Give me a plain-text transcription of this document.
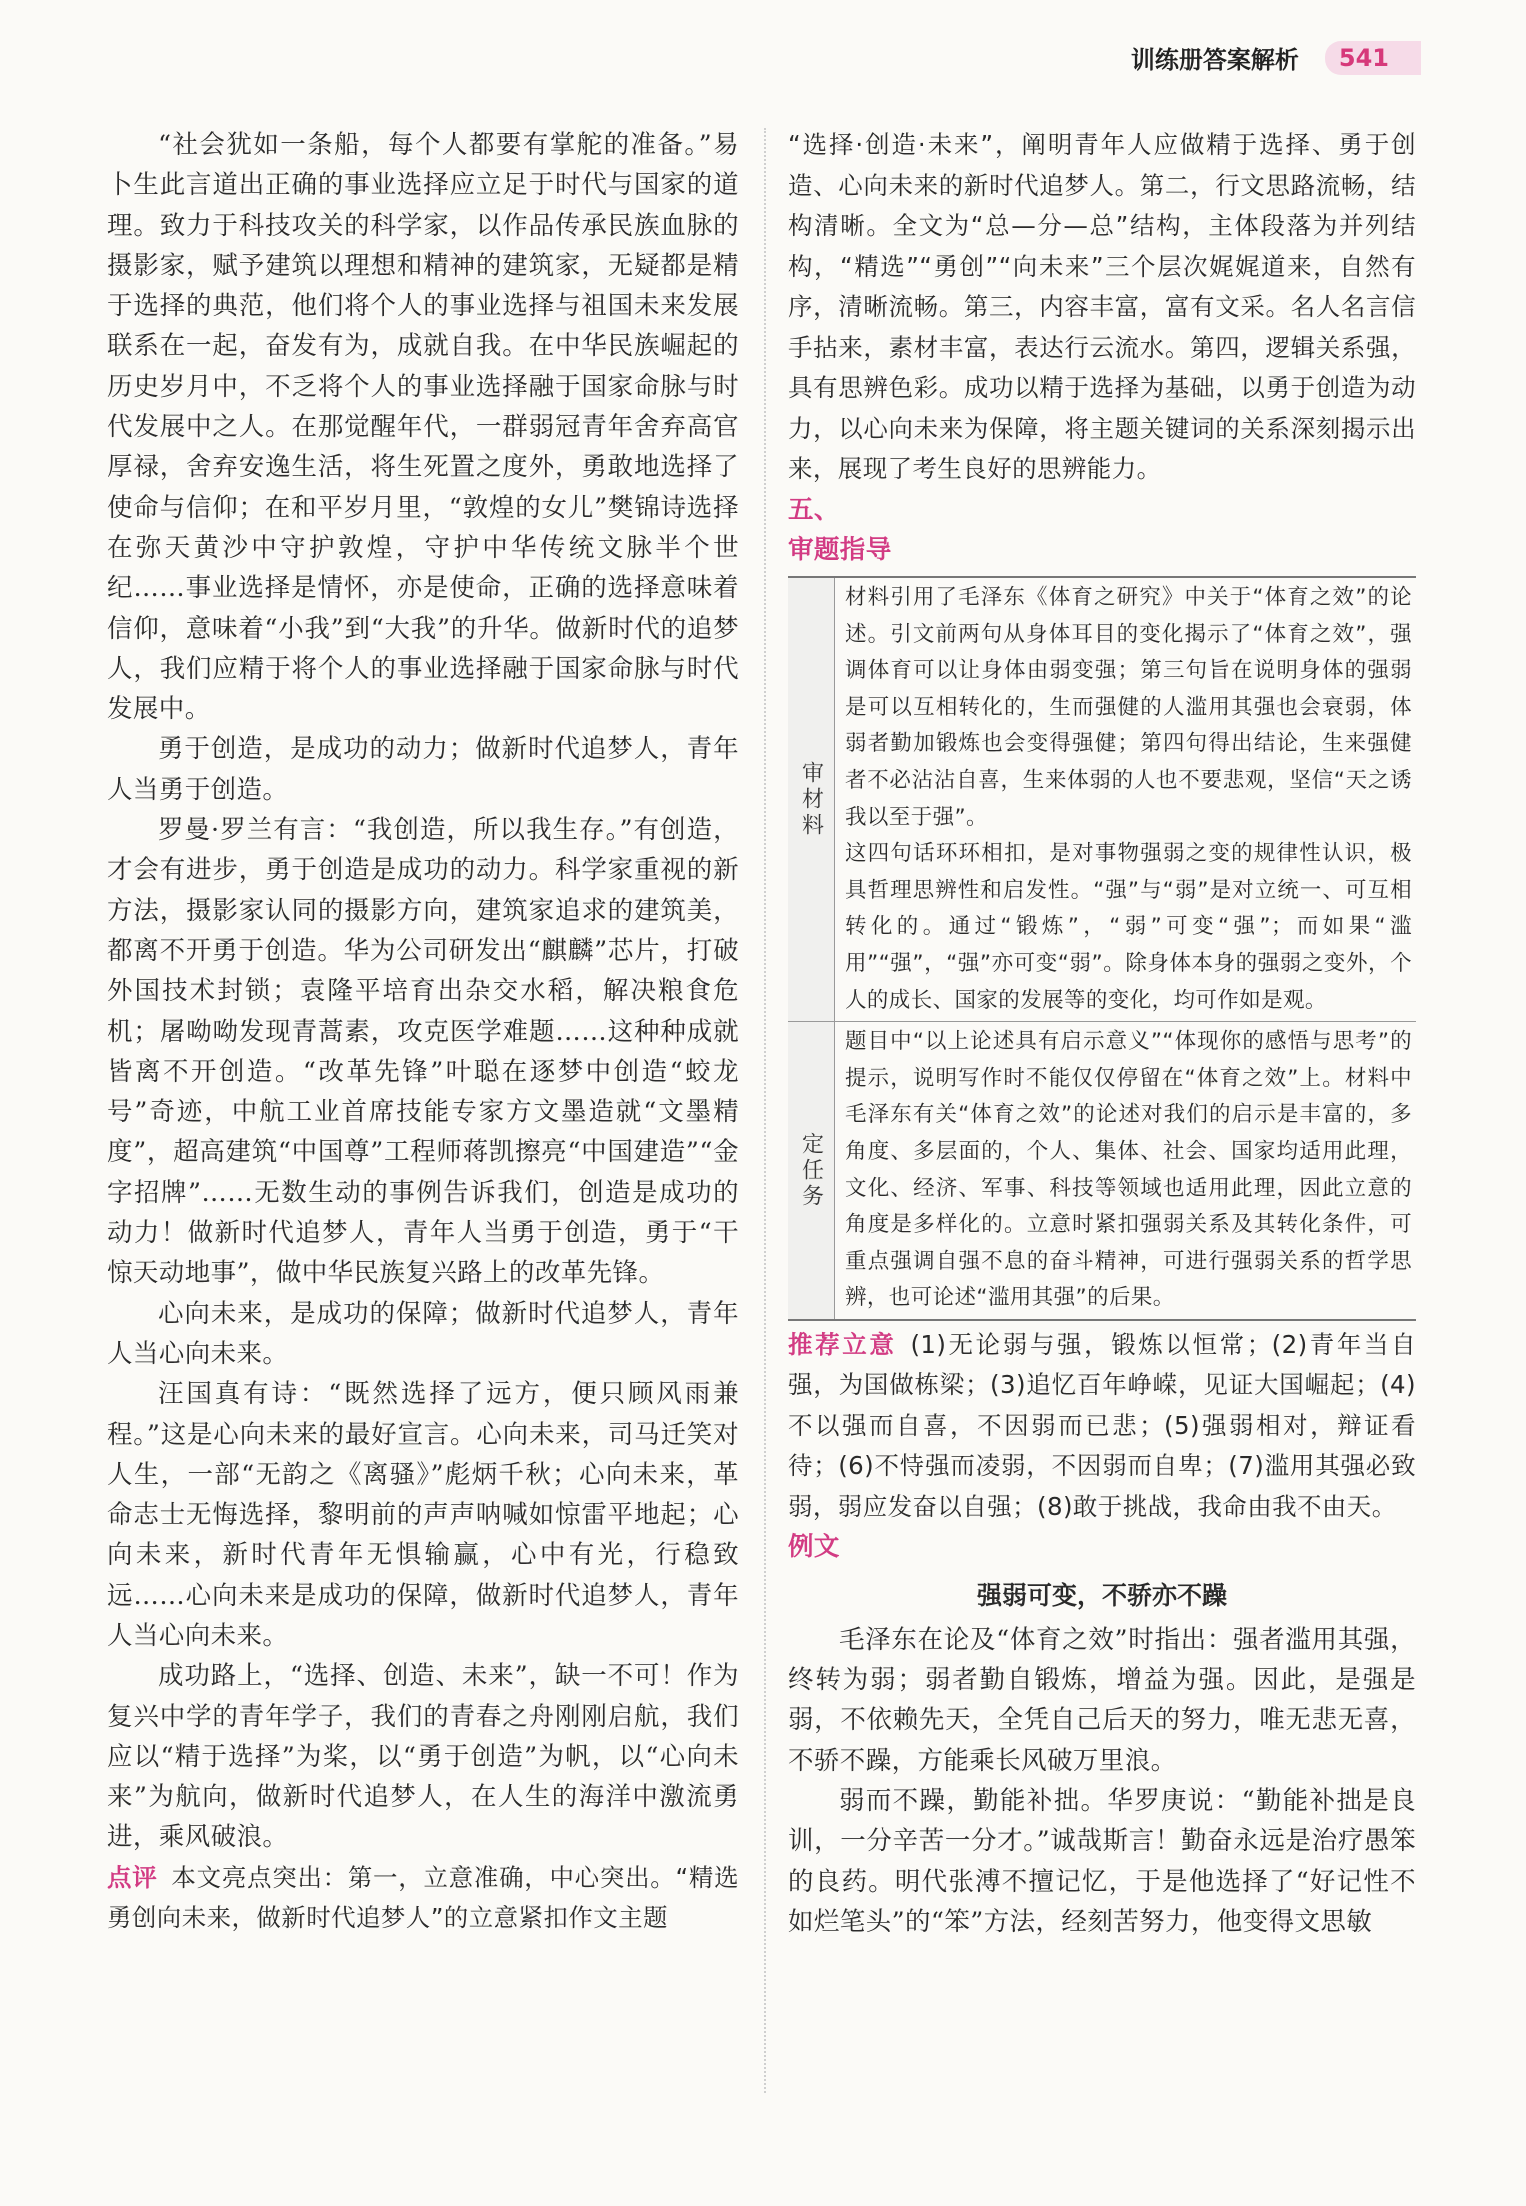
训练册答案解析	541

“社会犹如一条船，每个人都要有掌舵的准备。”易卜生此言道出正确的事业选择应立足于时代与国家的道理。致力于科技攻关的科学家，以作品传承民族血脉的摄影家，赋予建筑以理想和精神的建筑家，无疑都是精于选择的典范，他们将个人的事业选择与祖国未来发展联系在一起，奋发有为，成就自我。在中华民族崛起的历史岁月中，不乏将个人的事业选择融于国家命脉与时代发展中之人。在那觉醒年代，一群弱冠青年舍弃高官厚禄，舍弃安逸生活，将生死置之度外，勇敢地选择了使命与信仰；在和平岁月里，“敦煌的女儿”樊锦诗选择在弥天黄沙中守护敦煌，守护中华传统文脉半个世纪……事业选择是情怀，亦是使命，正确的选择意味着信仰，意味着“小我”到“大我”的升华。做新时代的追梦人，我们应精于将个人的事业选择融于国家命脉与时代发展中。

勇于创造，是成功的动力；做新时代追梦人，青年人当勇于创造。

罗曼·罗兰有言：“我创造，所以我生存。”有创造，才会有进步，勇于创造是成功的动力。科学家重视的新方法，摄影家认同的摄影方向，建筑家追求的建筑美，都离不开勇于创造。华为公司研发出“麒麟”芯片，打破外国技术封锁；袁隆平培育出杂交水稻，解决粮食危机；屠呦呦发现青蒿素，攻克医学难题……这种种成就皆离不开创造。“改革先锋”叶聪在逐梦中创造“蛟龙号”奇迹，中航工业首席技能专家方文墨造就“文墨精度”，超高建筑“中国尊”工程师蒋凯擦亮“中国建造”“金字招牌”……无数生动的事例告诉我们，创造是成功的动力！做新时代追梦人，青年人当勇于创造，勇于“干惊天动地事”，做中华民族复兴路上的改革先锋。

心向未来，是成功的保障；做新时代追梦人，青年人当心向未来。

汪国真有诗：“既然选择了远方，便只顾风雨兼程。”这是心向未来的最好宣言。心向未来，司马迁笑对人生，一部“无韵之《离骚》”彪炳千秋；心向未来，革命志士无悔选择，黎明前的声声呐喊如惊雷平地起；心向未来，新时代青年无惧输赢，心中有光，行稳致远……心向未来是成功的保障，做新时代追梦人，青年人当心向未来。

成功路上，“选择、创造、未来”，缺一不可！作为复兴中学的青年学子，我们的青春之舟刚刚启航，我们应以“精于选择”为桨，以“勇于创造”为帆，以“心向未来”为航向，做新时代追梦人，在人生的海洋中激流勇进，乘风破浪。

点评 本文亮点突出：第一，立意准确，中心突出。“精选勇创向未来，做新时代追梦人”的立意紧扣作文主题

“选择·创造·未来”，阐明青年人应做精于选择、勇于创造、心向未来的新时代追梦人。第二，行文思路流畅，结构清晰。全文为“总—分—总”结构，主体段落为并列结构，“精选”“勇创”“向未来”三个层次娓娓道来，自然有序，清晰流畅。第三，内容丰富，富有文采。名人名言信手拈来，素材丰富，表达行云流水。第四，逻辑关系强，具有思辨色彩。成功以精于选择为基础，以勇于创造为动力，以心向未来为保障，将主题关键词的关系深刻揭示出来，展现了考生良好的思辨能力。

五、

审题指导

审材料	材料引用了毛泽东《体育之研究》中关于“体育之效”的论述。引文前两句从身体耳目的变化揭示了“体育之效”，强调体育可以让身体由弱变强；第三句旨在说明身体的强弱是可以互相转化的，生而强健的人滥用其强也会衰弱，体弱者勤加锻炼也会变得强健；第四句得出结论，生来强健者不必沾沾自喜，生来体弱的人也不要悲观，坚信“天之诱我以至于强”。

这四句话环环相扣，是对事物强弱之变的规律性认识，极具哲理思辨性和启发性。“强”与“弱”是对立统一、可互相转化的。通过“锻炼”，“弱”可变“强”；而如果“滥用”“强”，“强”亦可变“弱”。除身体本身的强弱之变外，个人的成长、国家的发展等的变化，均可作如是观。

定任务	题目中“以上论述具有启示意义”“体现你的感悟与思考”的提示，说明写作时不能仅仅停留在“体育之效”上。材料中毛泽东有关“体育之效”的论述对我们的启示是丰富的，多角度、多层面的，个人、集体、社会、国家均适用此理，文化、经济、军事、科技等领域也适用此理，因此立意的角度是多样化的。立意时紧扣强弱关系及其转化条件，可重点强调自强不息的奋斗精神，可进行强弱关系的哲学思辨，也可论述“滥用其强”的后果。

推荐立意 (1)无论弱与强，锻炼以恒常；(2)青年当自强，为国做栋梁；(3)追忆百年峥嵘，见证大国崛起；(4)不以强而自喜，不因弱而已悲；(5)强弱相对，辩证看待；(6)不恃强而凌弱，不因弱而自卑；(7)滥用其强必致弱，弱应发奋以自强；(8)敢于挑战，我命由我不由天。

例文

强弱可变，不骄亦不躁

毛泽东在论及“体育之效”时指出：强者滥用其强，终转为弱；弱者勤自锻炼，增益为强。因此，是强是弱，不依赖先天，全凭自己后天的努力，唯无悲无喜，不骄不躁，方能乘长风破万里浪。

弱而不躁，勤能补拙。华罗庚说：“勤能补拙是良训，一分辛苦一分才。”诚哉斯言！勤奋永远是治疗愚笨的良药。明代张溥不擅记忆，于是他选择了“好记性不如烂笔头”的“笨”方法，经刻苦努力，他变得文思敏
